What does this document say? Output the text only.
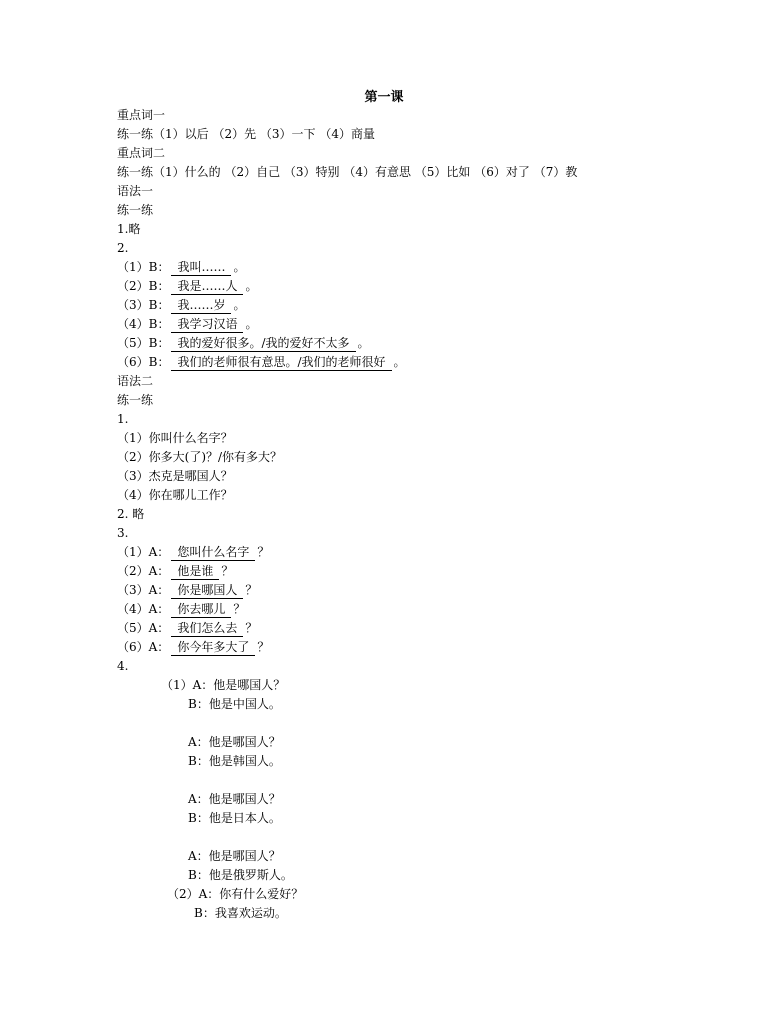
第一课
重点词一
练一练（1）以后 （2）先 （3）一下 （4）商量
重点词二
练一练（1）什么的 （2）自己 （3）特别 （4）有意思 （5）比如 （6）对了 （7）教
语法一
练一练
1.略
2.
（1）B： 我叫…… 。
（2）B： 我是……人 。
（3）B： 我……岁 。
（4）B： 我学习汉语 。
（5）B： 我的爱好很多。/我的爱好不太多 。
（6）B： 我们的老师很有意思。/我们的老师很好 。
语法二
练一练
1.
（1）你叫什么名字？
（2）你多大(了)？/你有多大？
（3）杰克是哪国人？
（4）你在哪儿工作？
2. 略
3.
（1）A： 您叫什么名字 ？
（2）A： 他是谁 ？
（3）A： 你是哪国人 ？
（4）A： 你去哪儿 ？
（5）A： 我们怎么去 ？
（6）A： 你今年多大了 ？
4.
（1）A：他是哪国人？
B：他是中国人。
A：他是哪国人？
B：他是韩国人。
A：他是哪国人？
B：他是日本人。
A：他是哪国人？
B：他是俄罗斯人。
（2）A：你有什么爱好？
B：我喜欢运动。
